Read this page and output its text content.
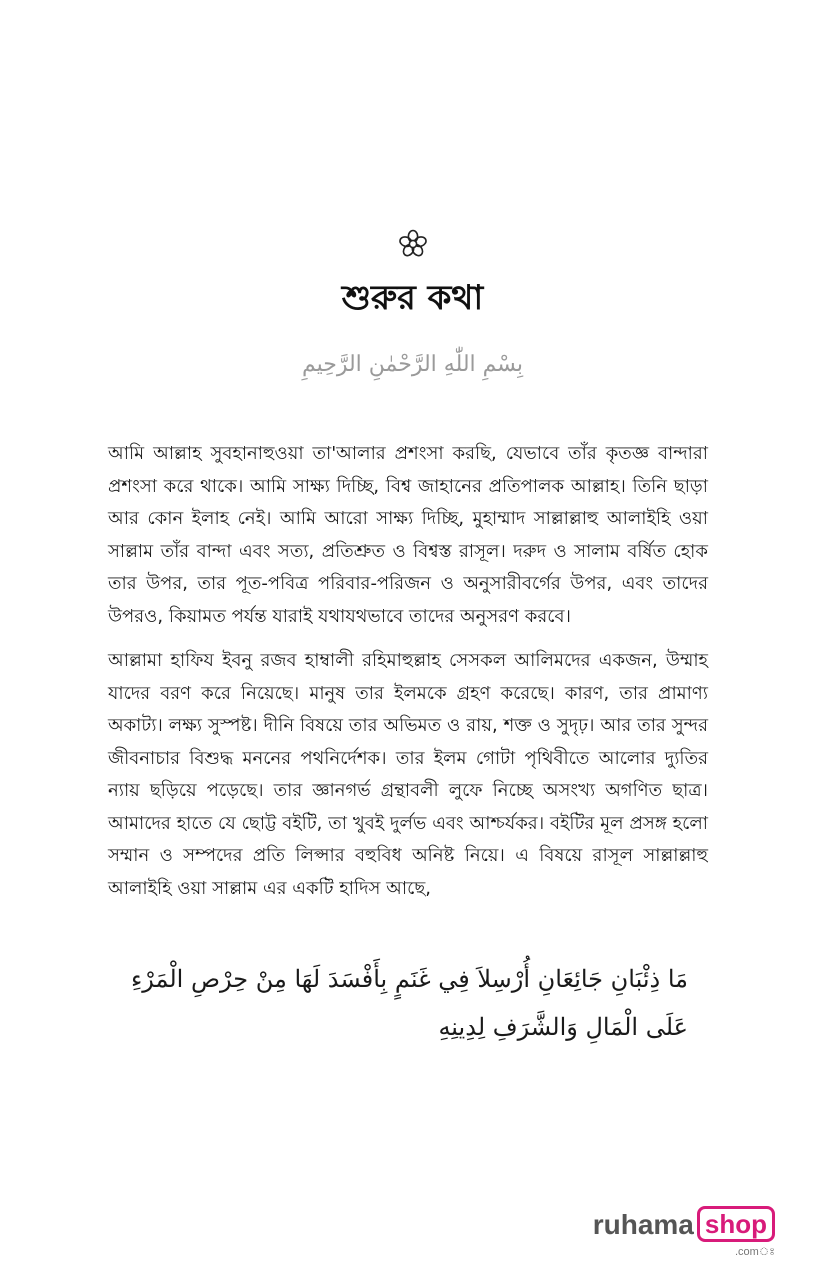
শুরুর কথা
بِسْمِ اللّٰهِ الرَّحْمٰنِ الرَّحِيمِ

আমি আল্লাহ সুবহানাহুওয়া তা'আলার প্রশংসা করছি, যেভাবে তাঁর কৃতজ্ঞ বান্দারা প্রশংসা করে থাকে। আমি সাক্ষ্য দিচ্ছি, বিশ্ব জাহানের প্রতিপালক আল্লাহ। তিনি ছাড়া আর কোন ইলাহ নেই। আমি আরো সাক্ষ্য দিচ্ছি, মুহাম্মাদ সাল্লাল্লাহু আলাইহি ওয়া সাল্লাম তাঁর বান্দা এবং সত্য, প্রতিশ্রুত ও বিশ্বস্ত রাসূল। দরুদ ও সালাম বর্ষিত হোক তার উপর, তার পূত-পবিত্র পরিবার-পরিজন ও অনুসারীবর্গের উপর, এবং তাদের উপরও, কিয়ামত পর্যন্ত যারাই যথাযথভাবে তাদের অনুসরণ করবে।

আল্লামা হাফিয ইবনু রজব হাম্বালী রহিমাহুল্লাহ সেসকল আলিমদের একজন, উম্মাহ যাদের বরণ করে নিয়েছে। মানুষ তার ইলমকে গ্রহণ করেছে। কারণ, তার প্রামাণ্য অকাট্য। লক্ষ্য সুস্পষ্ট। দীনি বিষয়ে তার অভিমত ও রায়, শক্ত ও সুদৃঢ়। আর তার সুন্দর জীবনাচার বিশুদ্ধ মননের পথনির্দেশক। তার ইলম গোটা পৃথিবীতে আলোর দ্যুতির ন্যায় ছড়িয়ে পড়েছে। তার জ্ঞানগর্ভ গ্রন্থাবলী লুফে নিচ্ছে অসংখ্য অগণিত ছাত্র। আমাদের হাতে যে ছোট্ট বইটি, তা খুবই দুর্লভ এবং আশ্চর্যকর। বইটির মূল প্রসঙ্গ হলো সম্মান ও সম্পদের প্রতি লিপ্সার বহুবিধ অনিষ্ট নিয়ে। এ বিষয়ে রাসূল সাল্লাল্লাহু আলাইহি ওয়া সাল্লাম এর একটি হাদিস আছে,

مَا ذِئْبَانِ جَائِعَانِ أُرْسِلاَ فِي غَنَمٍ بِأَفْسَدَ لَهَا مِنْ حِرْصِ الْمَرْءِ عَلَى الْمَالِ وَالشَّرَفِ لِدِينِهِ
ruhama shop
.comঃ
